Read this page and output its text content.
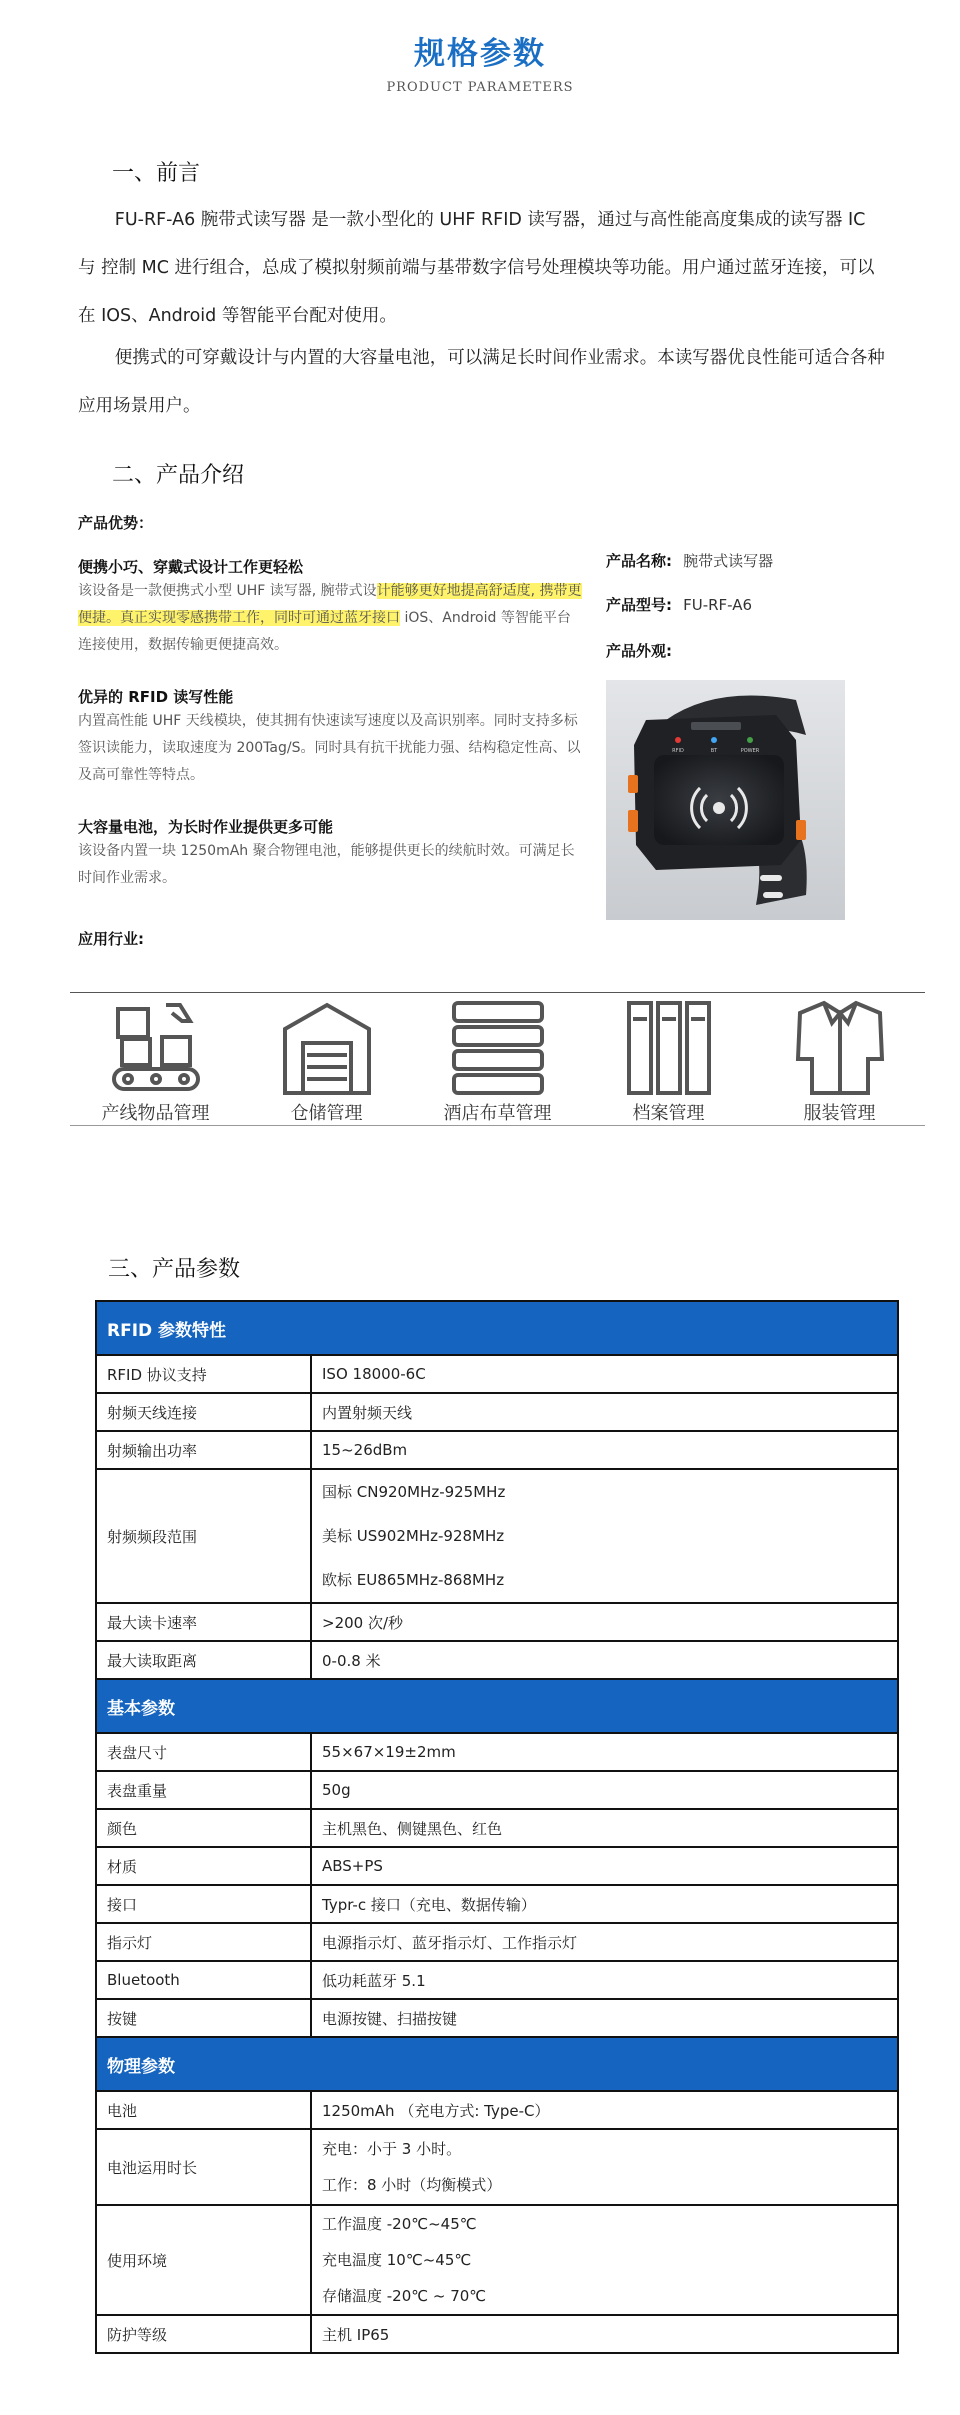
规格参数
PRODUCT PARAMETERS
一、前言
FU-RF-A6 腕带式读写器 是一款小型化的 UHF RFID 读写器，通过与高性能高度集成的读写器 IC 与 控制 MC 进行组合，总成了模拟射频前端与基带数字信号处理模块等功能。用户通过蓝牙连接，可以在 IOS、Android 等智能平台配对使用。
便携式的可穿戴设计与内置的大容量电池，可以满足长时间作业需求。本读写器优良性能可适合各种应用场景用户。
二、产品介绍
产品优势：
便携小巧、穿戴式设计工作更轻松
该设备是一款便携式小型 UHF 读写器, 腕带式设计能够更好地提高舒适度, 携带更便捷。真正实现零感携带工作，同时可通过蓝牙接口 iOS、Android 等智能平台连接使用，数据传输更便捷高效。
优异的 RFID 读写性能
内置高性能 UHF 天线模块，使其拥有快速读写速度以及高识别率。同时支持多标签识读能力，读取速度为 200Tag/S。同时具有抗干扰能力强、结构稳定性高、以及高可靠性等特点。
大容量电池，为长时作业提供更多可能
该设备内置一块 1250mAh 聚合物锂电池，能够提供更长的续航时效。可满足长时间作业需求。
产品名称: 腕带式读写器
产品型号: FU-RF-A6
产品外观:
RFID	BT	POWER
应用行业:
产线物品管理	仓储管理	酒店布草管理	档案管理	服装管理
三、产品参数
RFID 参数特性	
RFID 协议支持	ISO 18000-6C
射频天线连接	内置射频天线
射频输出功率	15~26dBm
射频频段范围	国标 CN920MHz-925MHz
美标 US902MHz-928MHz
欧标 EU865MHz-868MHz

最大读卡速率	>200 次/秒
最大读取距离	0-0.8 米
基本参数	
表盘尺寸	55×67×19±2mm
表盘重量	50g
颜色	主机黑色、侧键黑色、红色
材质	ABS+PS
接口	Typr-c 接口（充电、数据传输）
指示灯	电源指示灯、蓝牙指示灯、工作指示灯
Bluetooth	低功耗蓝牙 5.1
按键	电源按键、扫描按键
物理参数	
电池	1250mAh （充电方式: Type-C）
电池运用时长	充电：小于 3 小时。
工作：8 小时（均衡模式）

使用环境	工作温度 -20℃~45℃
充电温度 10℃~45℃
存储温度 -20℃ ~ 70℃

防护等级	主机 IP65
